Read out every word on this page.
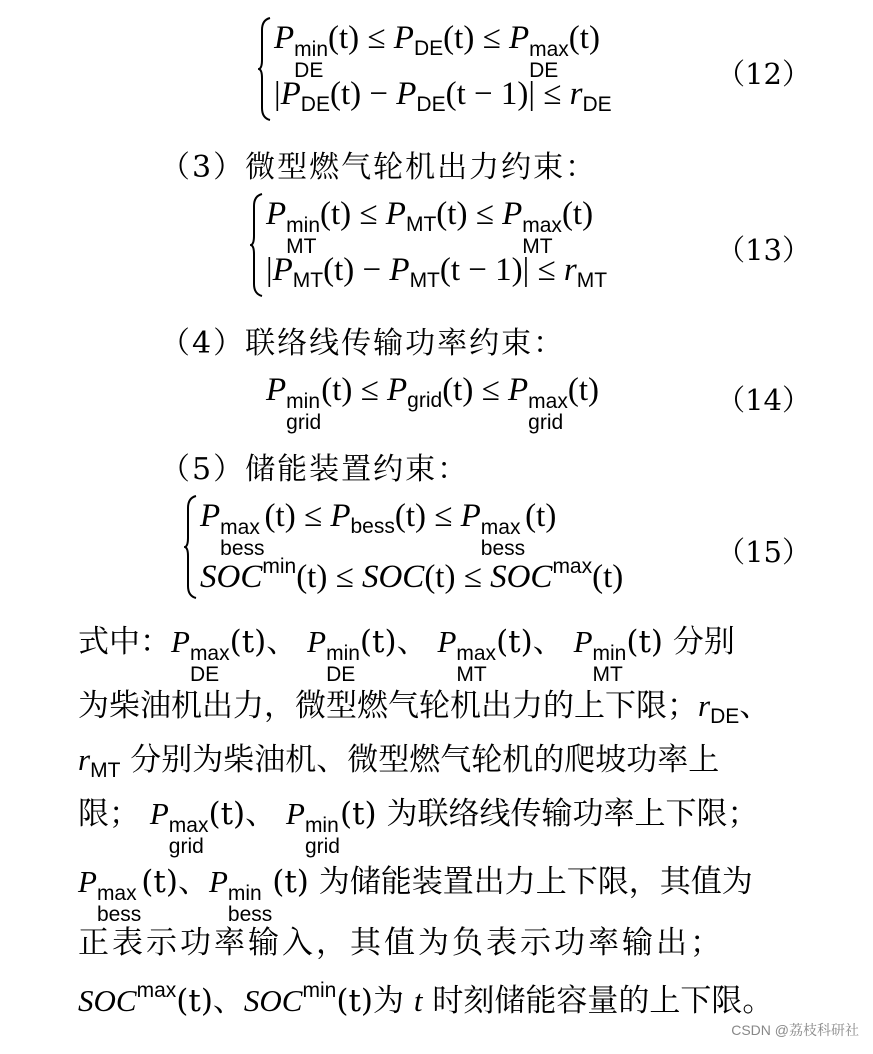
P min
DE
$(t) \le P_{DE}(t) \le P$ max
DE
(t)
$|P_{DE}(t) - P_{DE}(t - 1)| \le r_{DE}$
（12）
（3）微型燃气轮机出力约束：
P min
MT
$(t) \le P_{MT}(t) \le P$ max
MT
(t)
$|P_{MT}(t) - P_{MT}(t - 1)| \le r_{MT}$
（13）
（4）联络线传输功率约束：
P min
grid
$(t) \le P_{grid}(t) \le P$ max
grid
(t)	（14）
（5）储能装置约束：
P max
bess
$(t) \le P_{bess}(t) \le P$ max
bess
(t)
$SOC^{min}(t) \le SOC(t) \le SOC^{max}(t)$
（15）
式中：P max
DE
(t)、 P min
DE
(t)、 P max
MT
(t)、 P min
MT
(t) 分别
为柴油机出力，微型燃气轮机出力的上下限；$r_{DE}$、
$r_{MT}$ 分别为柴油机、微型燃气轮机的爬坡功率上
限； P max
grid
(t)、 P min
grid
(t) 为联络线传输功率上下限；
P max
bess
(t)、P min
bess
(t) 为储能装置出力上下限，其值为
正表示功率输入，其值为负表示功率输出；
$SOC^{max}(t)$、$SOC^{min}(t)$为 t 时刻储能容量的上下限。
CSDN @荔枝科研社
